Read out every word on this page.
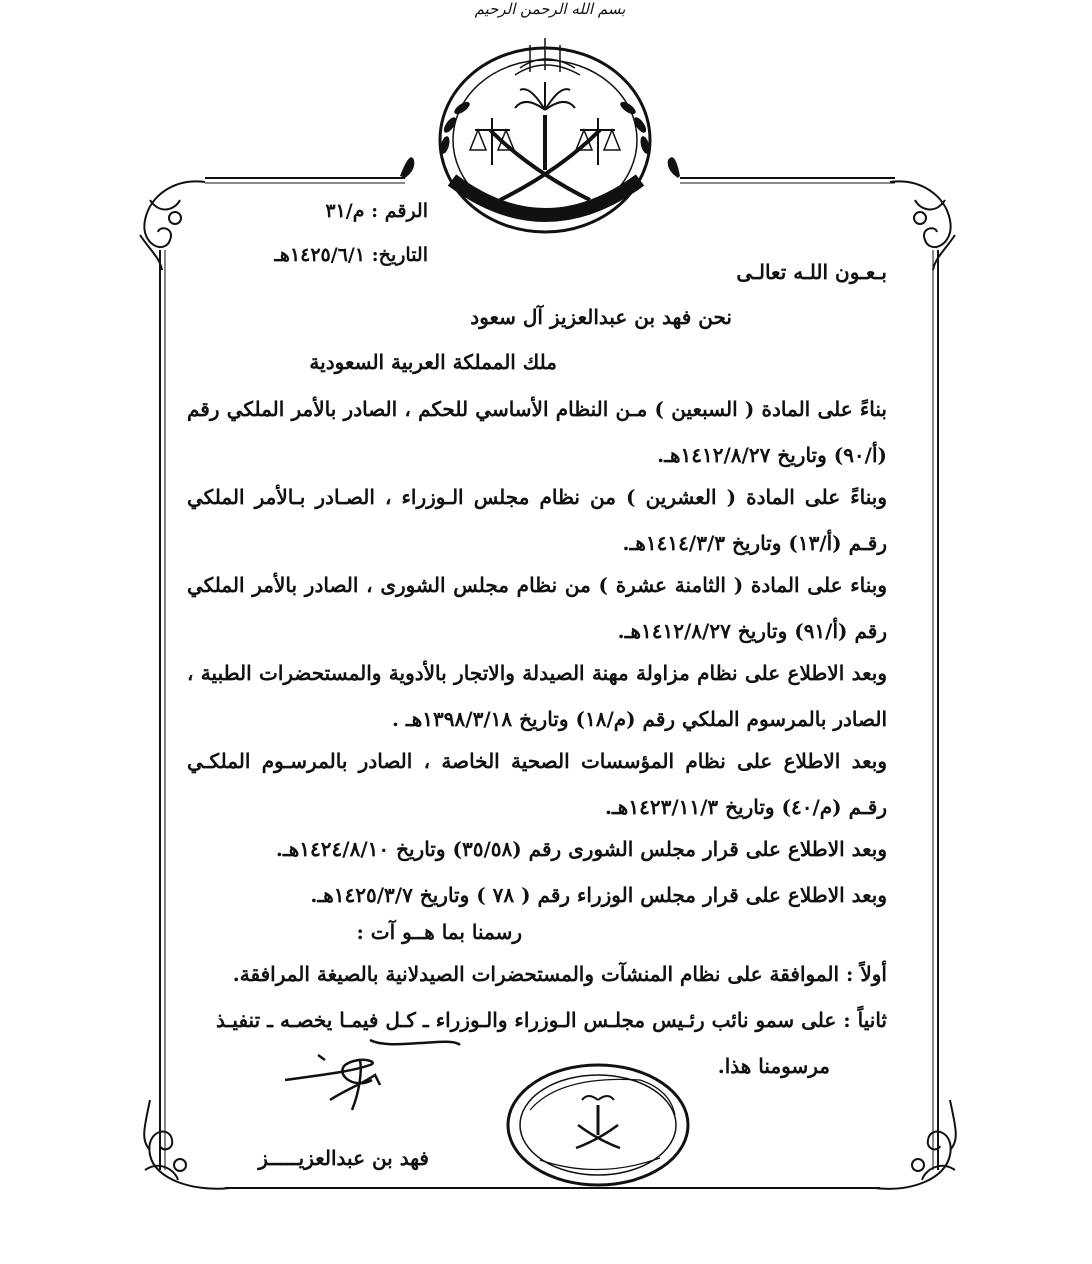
بسم الله الرحمن الرحيم
الرقم : م/٣١
التاريخ: ١٤٢٥/٦/١هـ
بـعـون اللـه تعالـى
نحن فهد بن عبدالعزيز آل سعود
ملك المملكة العربية السعودية
بناءً على المادة ( السبعين ) مـن النظام الأساسي للحكم ، الصادر بالأمر الملكي رقم (أ/٩٠) وتاريخ ١٤١٢/٨/٢٧هـ.
وبناءً على المادة ( العشرين ) من نظام مجلس الـوزراء ، الصـادر بـالأمر الملكي رقـم (أ/١٣) وتاريخ ١٤١٤/٣/٣هـ.
وبناء على المادة ( الثامنة عشرة ) من نظام مجلس الشورى ، الصادر بالأمر الملكي رقم (أ/٩١) وتاريخ ١٤١٢/٨/٢٧هـ.
وبعد الاطلاع على نظام مزاولة مهنة الصيدلة والاتجار بالأدوية والمستحضرات الطبية ، الصادر بالمرسوم الملكي رقم (م/١٨) وتاريخ ١٣٩٨/٣/١٨هـ .
وبعد الاطلاع على نظام المؤسسات الصحية الخاصة ، الصادر بالمرسـوم الملكـي رقـم (م/٤٠) وتاريخ ١٤٢٣/١١/٣هـ.
وبعد الاطلاع على قرار مجلس الشورى رقم (٣٥/٥٨) وتاريخ ١٤٢٤/٨/١٠هـ.
وبعد الاطلاع على قرار مجلس الوزراء رقم ( ٧٨ ) وتاريخ ١٤٢٥/٣/٧هـ.
رسمنا بما هــو آت :
أولاً : الموافقة على نظام المنشآت والمستحضرات الصيدلانية بالصيغة المرافقة.
ثانياً : على سمو نائب رئـيس مجلـس الـوزراء والـوزراء ـ كـل فيمـا يخصـه ـ تنفيـذ
مرسومنا هذا.
فهد بن عبدالعزيـــــز
